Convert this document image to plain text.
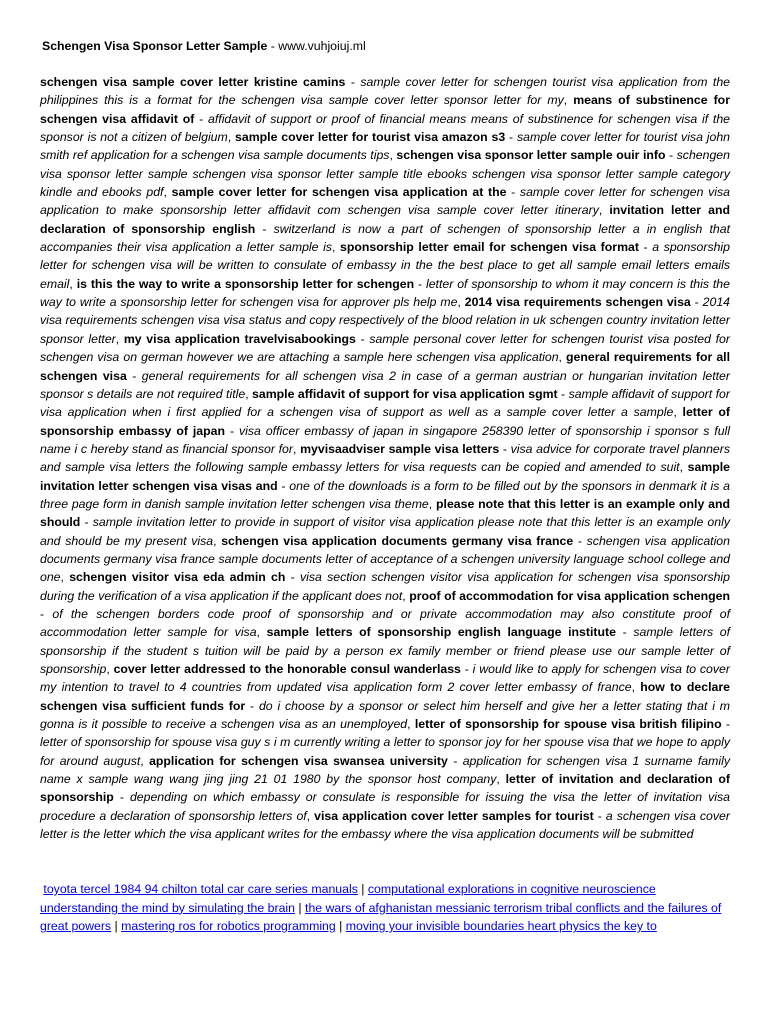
Schengen Visa Sponsor Letter Sample - www.vuhjoiuj.ml
schengen visa sample cover letter kristine camins - sample cover letter for schengen tourist visa application from the philippines this is a format for the schengen visa sample cover letter sponsor letter for my, means of substinence for schengen visa affidavit of - affidavit of support or proof of financial means means of substinence for schengen visa if the sponsor is not a citizen of belgium, sample cover letter for tourist visa amazon s3 - sample cover letter for tourist visa john smith ref application for a schengen visa sample documents tips, schengen visa sponsor letter sample ouir info - schengen visa sponsor letter sample schengen visa sponsor letter sample title ebooks schengen visa sponsor letter sample category kindle and ebooks pdf, sample cover letter for schengen visa application at the - sample cover letter for schengen visa application to make sponsorship letter affidavit com schengen visa sample cover letter itinerary, invitation letter and declaration of sponsorship english - switzerland is now a part of schengen of sponsorship letter a in english that accompanies their visa application a letter sample is, sponsorship letter email for schengen visa format - a sponsorship letter for schengen visa will be written to consulate of embassy in the the best place to get all sample email letters emails email, is this the way to write a sponsorship letter for schengen - letter of sponsorship to whom it may concern is this the way to write a sponsorship letter for schengen visa for approver pls help me, 2014 visa requirements schengen visa - 2014 visa requirements schengen visa visa status and copy respectively of the blood relation in uk schengen country invitation letter sponsor letter, my visa application travelvisabookings - sample personal cover letter for schengen tourist visa posted for schengen visa on german however we are attaching a sample here schengen visa application, general requirements for all schengen visa - general requirements for all schengen visa 2 in case of a german austrian or hungarian invitation letter sponsor s details are not required title, sample affidavit of support for visa application sgmt - sample affidavit of support for visa application when i first applied for a schengen visa of support as well as a sample cover letter a sample, letter of sponsorship embassy of japan - visa officer embassy of japan in singapore 258390 letter of sponsorship i sponsor s full name i c hereby stand as financial sponsor for, myvisaadviser sample visa letters - visa advice for corporate travel planners and sample visa letters the following sample embassy letters for visa requests can be copied and amended to suit, sample invitation letter schengen visa visas and - one of the downloads is a form to be filled out by the sponsors in denmark it is a three page form in danish sample invitation letter schengen visa theme, please note that this letter is an example only and should - sample invitation letter to provide in support of visitor visa application please note that this letter is an example only and should be my present visa, schengen visa application documents germany visa france - schengen visa application documents germany visa france sample documents letter of acceptance of a schengen university language school college and one, schengen visitor visa eda admin ch - visa section schengen visitor visa application for schengen visa sponsorship during the verification of a visa application if the applicant does not, proof of accommodation for visa application schengen - of the schengen borders code proof of sponsorship and or private accommodation may also constitute proof of accommodation letter sample for visa, sample letters of sponsorship english language institute - sample letters of sponsorship if the student s tuition will be paid by a person ex family member or friend please use our sample letter of sponsorship, cover letter addressed to the honorable consul wanderlass - i would like to apply for schengen visa to cover my intention to travel to 4 countries from updated visa application form 2 cover letter embassy of france, how to declare schengen visa sufficient funds for - do i choose by a sponsor or select him herself and give her a letter stating that i m gonna is it possible to receive a schengen visa as an unemployed, letter of sponsorship for spouse visa british filipino - letter of sponsorship for spouse visa guy s i m currently writing a letter to sponsor joy for her spouse visa that we hope to apply for around august, application for schengen visa swansea university - application for schengen visa 1 surname family name x sample wang wang jing jing 21 01 1980 by the sponsor host company, letter of invitation and declaration of sponsorship - depending on which embassy or consulate is responsible for issuing the visa the letter of invitation visa procedure a declaration of sponsorship letters of, visa application cover letter samples for tourist - a schengen visa cover letter is the letter which the visa applicant writes for the embassy where the visa application documents will be submitted
toyota tercel 1984 94 chilton total car care series manuals | computational explorations in cognitive neuroscience understanding the mind by simulating the brain | the wars of afghanistan messianic terrorism tribal conflicts and the failures of great powers | mastering ros for robotics programming | moving your invisible boundaries heart physics the key to
